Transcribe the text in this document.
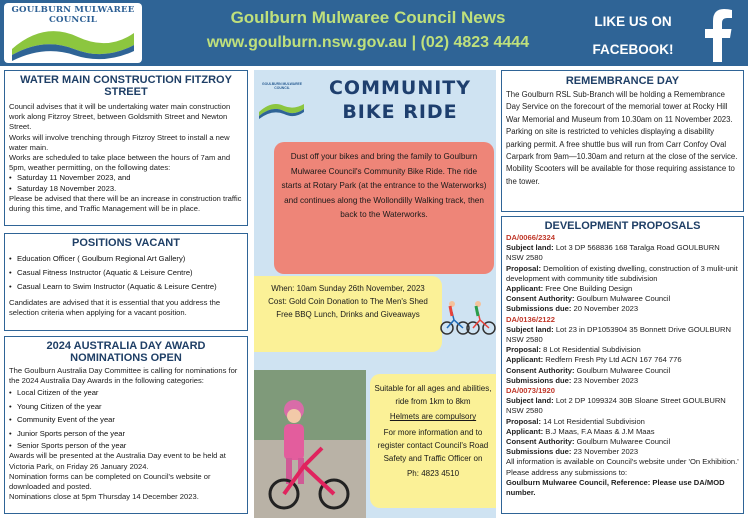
GOULBURN MULWAREE COUNCIL	Goulburn Mulwaree Council News
www.goulburn.nsw.gov.au | (02) 4823 4444
LIKE US ON
FACEBOOK!
WATER MAIN CONSTRUCTION FITZROY STREET
Council advises that it will be undertaking water main construction work along Fitzroy Street, between Goldsmith Street and Newton Street.
Works will involve trenching through Fitzroy Street to install a new water main.
Works are scheduled to take place between the hours of 7am and 5pm, weather permitting, on the following dates:
• Saturday 11 November 2023, and
• Saturday 18 November 2023.
Please be advised that there will be an increase in construction traffic during this time, and Traffic Management will be in place.
POSITIONS VACANT
• Education Officer ( Goulburn Regional Art Gallery)
• Casual Fitness Instructor (Aquatic & Leisure Centre)
• Casual Learn to Swim Instructor (Aquatic & Leisure Centre)
Candidates are advised that it is essential that you address the selection criteria when applying for a vacant position.
2024 AUSTRALIA DAY AWARD
NOMINATIONS OPEN
The Goulburn Australia Day Committee is calling for nominations for the 2024 Australia Day Awards in the following categories:
• Local Citizen of the year
• Young Citizen of the year
• Community Event of the year
• Junior Sports person of the year
• Senior Sports person of the year
Awards will be presented at the Australia Day event to be held at Victoria Park, on Friday 26 January 2024.
Nomination forms can be completed on Council's website or downloaded and posted.
Nominations close at 5pm Thursday 14 December 2023.
GOULBURN MULWAREE COUNCIL	COMMUNITY
BIKE RIDE
Dust off your bikes and bring the family to Goulburn Mulwaree Council's Community Bike Ride. The ride starts at Rotary Park (at the entrance to the Waterworks) and continues along the Wollondilly Walking track, then back to the Waterworks.
When: 10am Sunday 26th November, 2023
Cost: Gold Coin Donation to The Men's Shed
Free BBQ Lunch, Drinks and Giveaways
Suitable for all ages and abilities, ride from 1km to 8km
Helmets are compulsory
For more information and to register contact Council's Road Safety and Traffic Officer on
Ph: 4823 4510
REMEMBRANCE DAY
The Goulburn RSL Sub-Branch will be holding a Remembrance Day Service on the forecourt of the memorial tower at Rocky Hill War Memorial and Museum from 10.30am on 11 November 2023. Parking on site is restricted to vehicles displaying a disability parking permit. A free shuttle bus will run from Carr Confoy Oval Carpark from 9am—10.30am and return at the close of the service. Mobility Scooters will be available for those requiring assistance to the tower.
DEVELOPMENT PROPOSALS
DA/0066/2324
Subject land: Lot 3 DP 568836 168 Taralga Road GOULBURN NSW 2580
Proposal: Demolition of existing dwelling, construction of 3 mulit-unit development with community title subdivision
Applicant: Free One Building Design
Consent Authority: Goulburn Mulwaree Council
Submissions due: 20 November 2023
DA/0136/2122
Subject land: Lot 23 in DP1053904 35 Bonnett Drive GOULBURN NSW 2580
Proposal: 8 Lot Residential Subdivision
Applicant: Redfern Fresh Pty Ltd ACN 167 764 776
Consent Authority: Goulburn Mulwaree Council
Submissions due: 23 November 2023
DA/0073/1920
Subject land: Lot 2 DP 1099324 30B Sloane Street GOULBURN NSW 2580
Proposal: 14 Lot Residential Subdivision
Applicant: B.J Maas, F.A Maas & J.M Maas
Consent Authority: Goulburn Mulwaree Council
Submissions due: 23 November 2023
All information is available on Council's website under 'On Exhibition.' Please address any submissions to:
Goulburn Mulwaree Council, Reference: Please use DA/MOD number.
